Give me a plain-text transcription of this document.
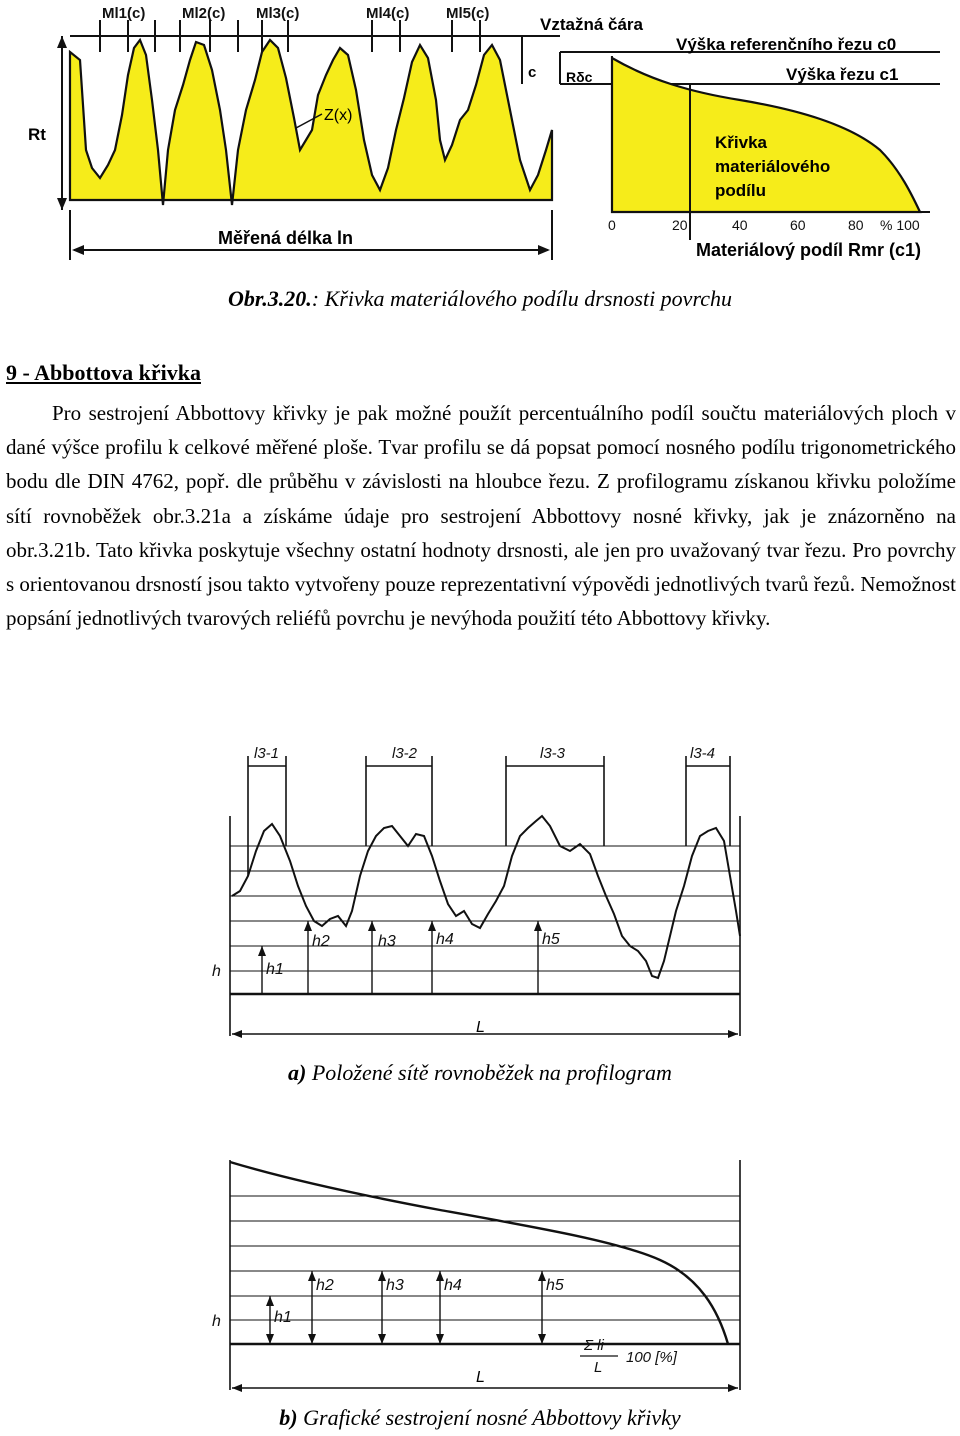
Ml1(c) Ml2(c) Ml3(c)	Ml4(c) Ml5(c)
Rt
Z(x)
c Rδc
Vztažná čára
Výška referenčního řezu c0
Výška řezu c1
Měřená délka ln
Křivka
materiálového
podílu
0	20	40	60	80 % 100
Materiálový podíl Rmr (c1)
Obr.3.20.: Křivka materiálového podílu drsnosti povrchu
9 - Abbottova křivka
Pro sestrojení Abbottovy křivky je pak možné použít percentuálního podíl součtu materiálových ploch v dané výšce profilu k celkové měřené ploše. Tvar profilu se dá popsat pomocí nosného podílu trigonometrického bodu dle DIN 4762, popř. dle průběhu v závislosti na hloubce řezu. Z profilogramu získanou křivku položíme sítí rovnoběžek obr.3.21a a získáme údaje pro sestrojení Abbottovy nosné křivky, jak je znázorněno na obr.3.21b. Tato křivka poskytuje všechny ostatní hodnoty drsnosti, ale jen pro uvažovaný tvar řezu. Pro povrchy s orientovanou drsností jsou takto vytvořeny pouze reprezentativní výpovědi jednotlivých tvarů řezů. Nemožnost popsání jednotlivých tvarových reliéfů povrchu je nevýhoda použití této Abbottovy křivky.
l3-1	l3-2	l3-3	l3-4
h	h1
h2	h3	h4	h5
L
a) Položené sítě rovnoběžek na profilogram
h	h1
h2	h3	h4	h5
L
Σ li
L
100 [%]
b) Grafické sestrojení nosné Abbottovy křivky
